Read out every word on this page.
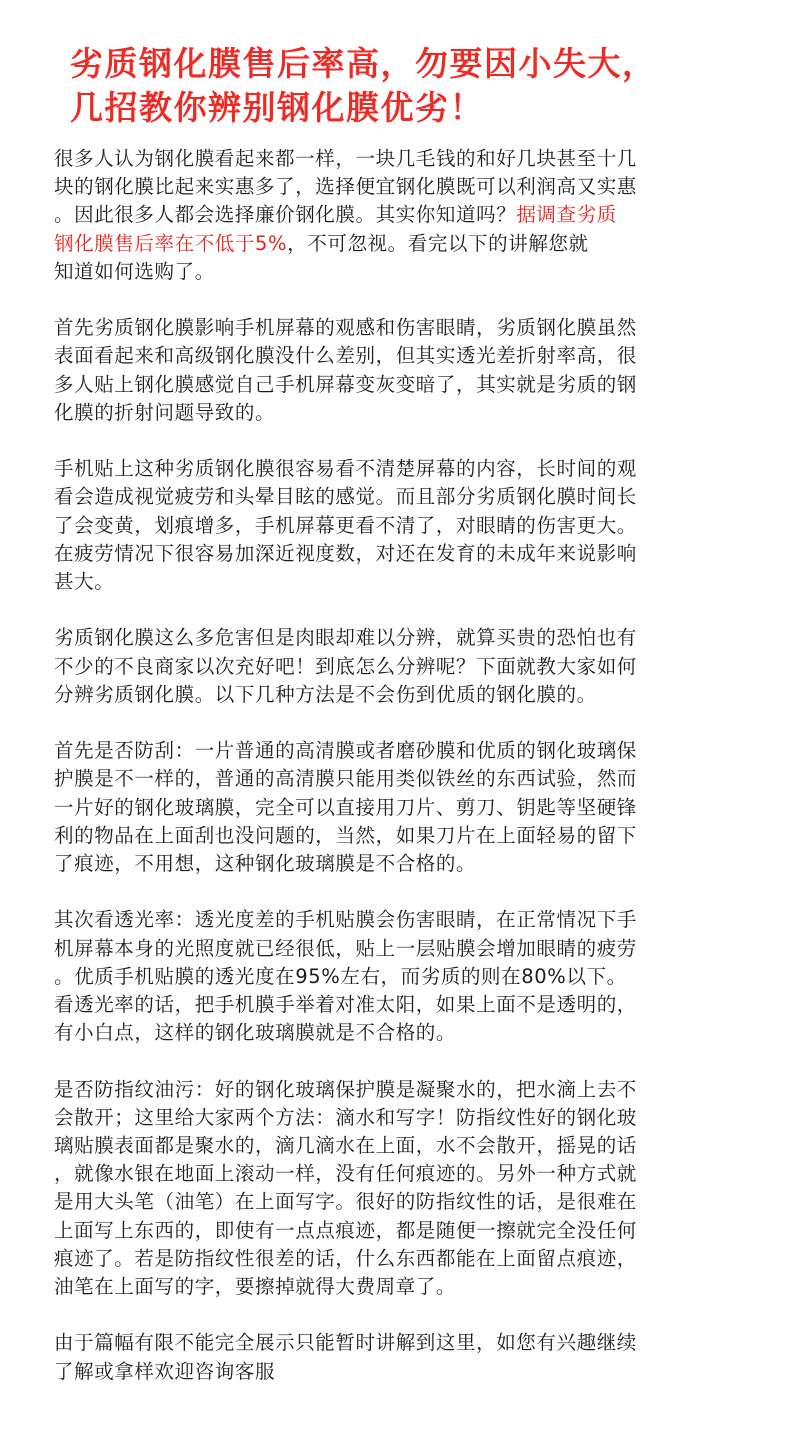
劣质钢化膜售后率高，勿要因小失大，
几招教你辨别钢化膜优劣！

很多人认为钢化膜看起来都一样，一块几毛钱的和好几块甚至十几
块的钢化膜比起来实惠多了，选择便宜钢化膜既可以利润高又实惠
。因此很多人都会选择廉价钢化膜。其实你知道吗？据调查劣质
钢化膜售后率在不低于5%，不可忽视。看完以下的讲解您就
知道如何选购了。

首先劣质钢化膜影响手机屏幕的观感和伤害眼睛，劣质钢化膜虽然
表面看起来和高级钢化膜没什么差别，但其实透光差折射率高，很
多人贴上钢化膜感觉自己手机屏幕变灰变暗了，其实就是劣质的钢
化膜的折射问题导致的。

手机贴上这种劣质钢化膜很容易看不清楚屏幕的内容，长时间的观
看会造成视觉疲劳和头晕目眩的感觉。而且部分劣质钢化膜时间长
了会变黄，划痕增多，手机屏幕更看不清了，对眼睛的伤害更大。
在疲劳情况下很容易加深近视度数，对还在发育的未成年来说影响
甚大。

劣质钢化膜这么多危害但是肉眼却难以分辨，就算买贵的恐怕也有
不少的不良商家以次充好吧！到底怎么分辨呢？下面就教大家如何
分辨劣质钢化膜。以下几种方法是不会伤到优质的钢化膜的。

首先是否防刮：一片普通的高清膜或者磨砂膜和优质的钢化玻璃保
护膜是不一样的，普通的高清膜只能用类似铁丝的东西试验，然而
一片好的钢化玻璃膜，完全可以直接用刀片、剪刀、钥匙等坚硬锋
利的物品在上面刮也没问题的，当然，如果刀片在上面轻易的留下
了痕迹，不用想，这种钢化玻璃膜是不合格的。

其次看透光率：透光度差的手机贴膜会伤害眼睛，在正常情况下手
机屏幕本身的光照度就已经很低，贴上一层贴膜会增加眼睛的疲劳
。优质手机贴膜的透光度在95%左右，而劣质的则在80%以下。
看透光率的话，把手机膜手举着对准太阳，如果上面不是透明的，
有小白点，这样的钢化玻璃膜就是不合格的。

是否防指纹油污：好的钢化玻璃保护膜是凝聚水的，把水滴上去不
会散开；这里给大家两个方法：滴水和写字！防指纹性好的钢化玻
璃贴膜表面都是聚水的，滴几滴水在上面，水不会散开，摇晃的话
，就像水银在地面上滚动一样，没有任何痕迹的。另外一种方式就
是用大头笔（油笔）在上面写字。很好的防指纹性的话，是很难在
上面写上东西的，即使有一点点痕迹，都是随便一擦就完全没任何
痕迹了。若是防指纹性很差的话，什么东西都能在上面留点痕迹，
油笔在上面写的字，要擦掉就得大费周章了。

由于篇幅有限不能完全展示只能暂时讲解到这里，如您有兴趣继续
了解或拿样欢迎咨询客服
